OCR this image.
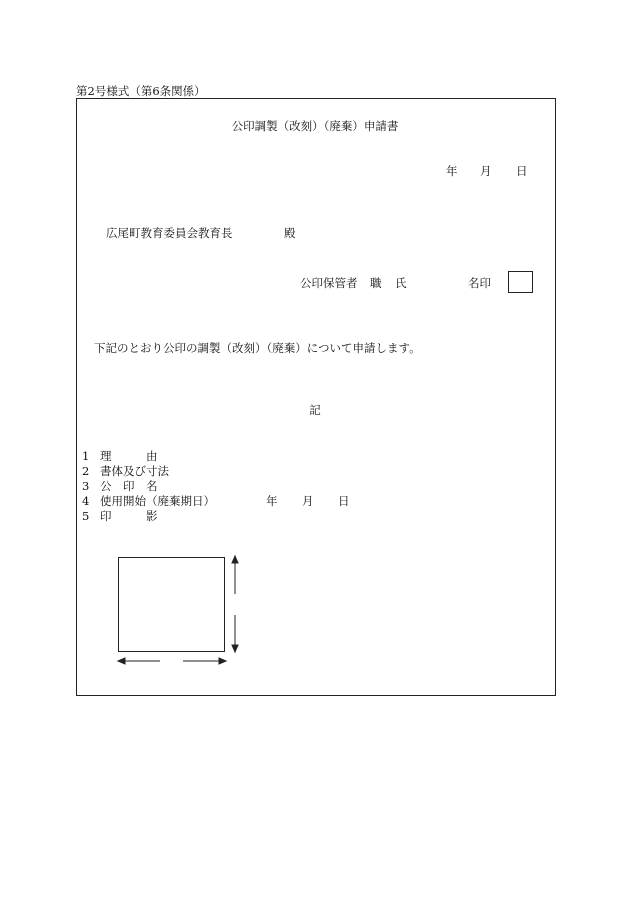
第2号様式（第6条関係）
公印調製（改刻）（廃棄）申請書
年 月 日
広尾町教育委員会教育長	殿
公印保管者 職 氏	名印
下記のとおり公印の調製（改刻）（廃棄）について申請します。
記
1 理　　　由
2 書体及び寸法
3 公　印　名
4 使用開始（廃棄期日）	年 月 日
5 印　　　影
